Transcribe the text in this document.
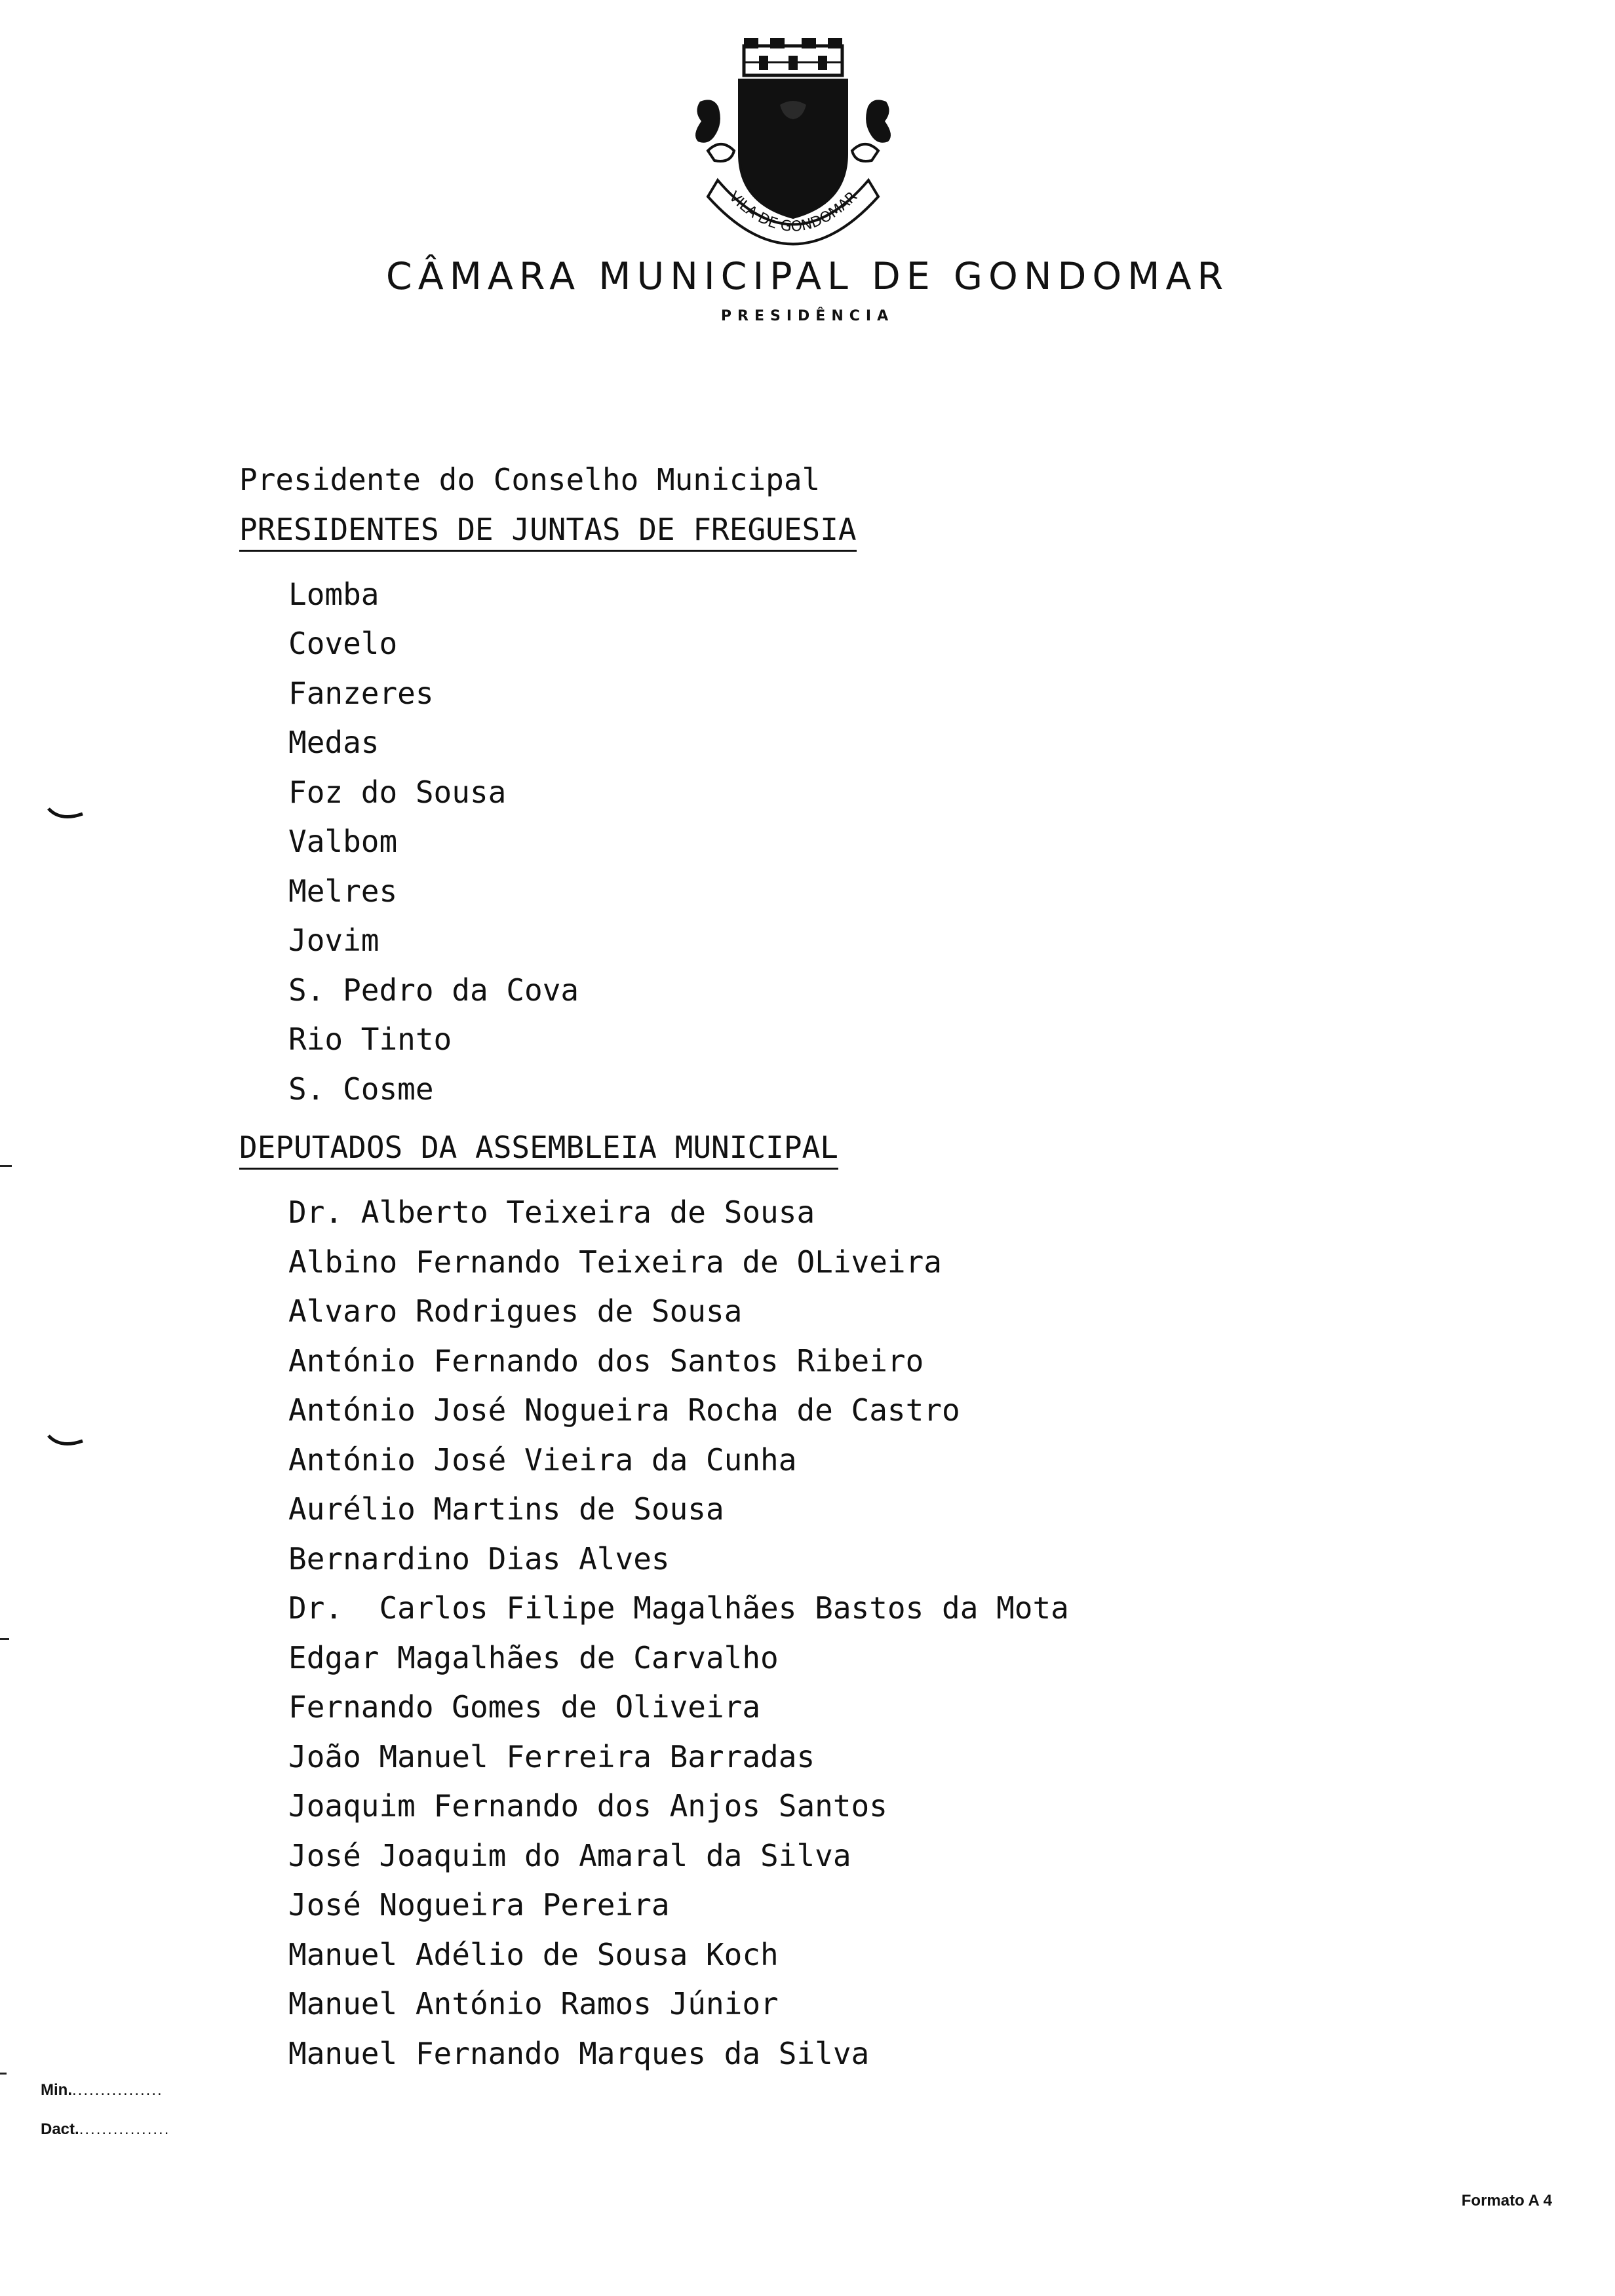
VILA DE GONDOMAR
CÂMARA MUNICIPAL DE GONDOMAR
PRESIDÊNCIA
Presidente do Conselho Municipal
PRESIDENTES DE JUNTAS DE FREGUESIA
Lomba
Covelo
Fanzeres
Medas
Foz do Sousa
Valbom
Melres
Jovim
S. Pedro da Cova
Rio Tinto
S. Cosme
DEPUTADOS DA ASSEMBLEIA MUNICIPAL
Dr. Alberto Teixeira de Sousa
Albino Fernando Teixeira de OLiveira
Alvaro Rodrigues de Sousa
António Fernando dos Santos Ribeiro
António José Nogueira Rocha de Castro
António José Vieira da Cunha
Aurélio Martins de Sousa
Bernardino Dias Alves
Dr.  Carlos Filipe Magalhães Bastos da Mota
Edgar Magalhães de Carvalho
Fernando Gomes de Oliveira
João Manuel Ferreira Barradas
Joaquim Fernando dos Anjos Santos
José Joaquim do Amaral da Silva
José Nogueira Pereira
Manuel Adélio de Sousa Koch
Manuel António Ramos Júnior
Manuel Fernando Marques da Silva
Min.................
Dact.................
Formato A 4
